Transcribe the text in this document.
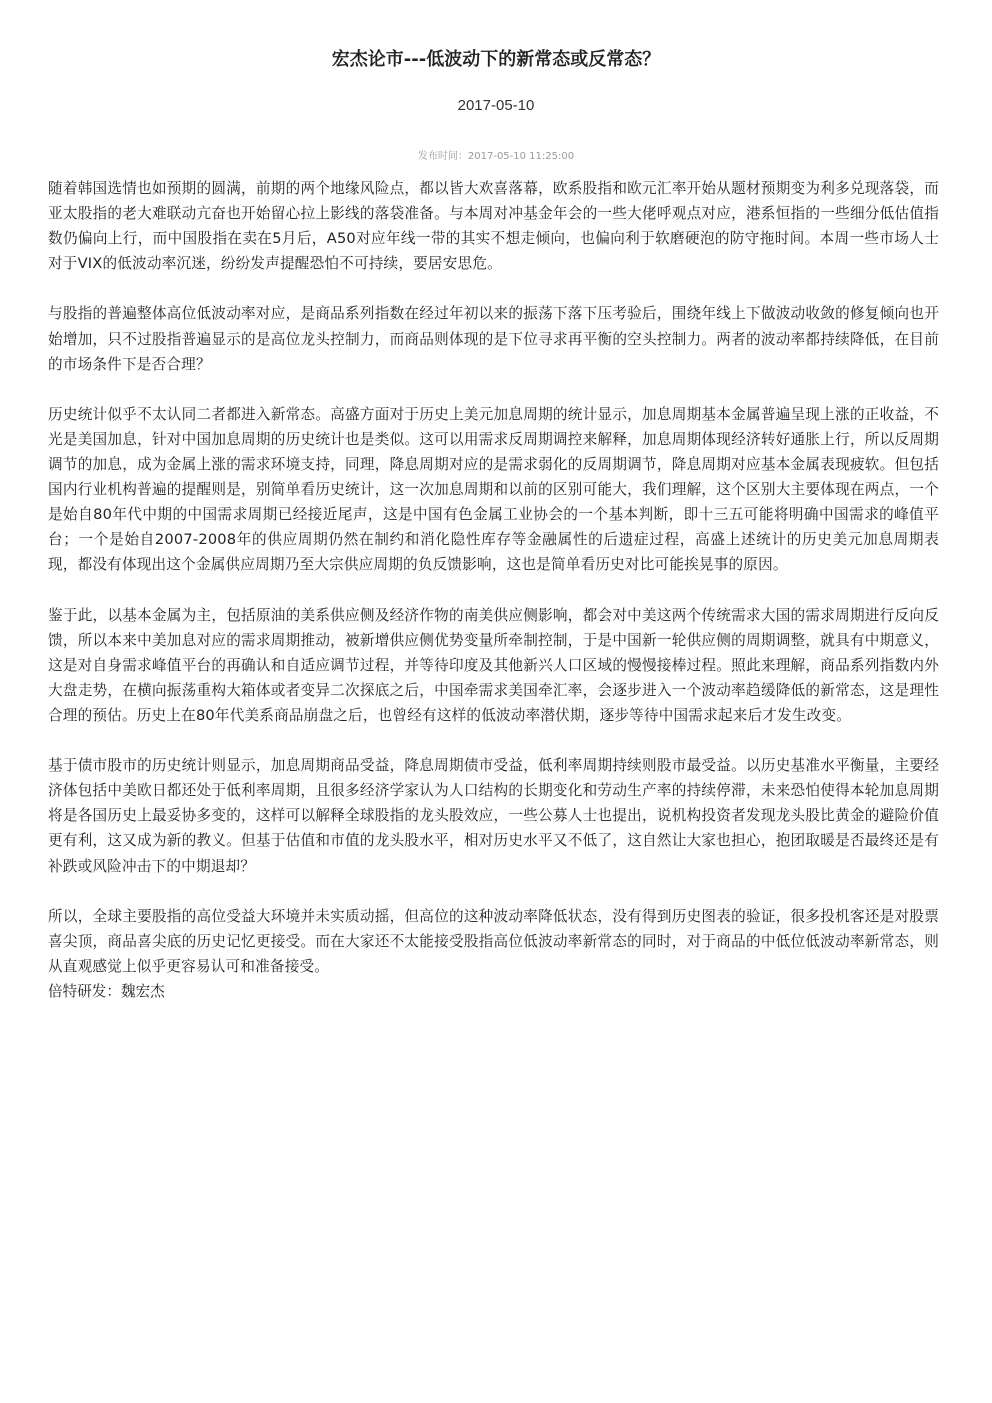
宏杰论市---低波动下的新常态或反常态？
2017-05-10
发布时间：2017-05-10 11:25:00

随着韩国选情也如预期的圆满，前期的两个地缘风险点，都以皆大欢喜落幕，欧系股指和欧元汇率开始从题材预期变为利多兑现落袋，而亚太股指的老大难联动亢奋也开始留心拉上影线的落袋准备。与本周对冲基金年会的一些大佬呼观点对应，港系恒指的一些细分低估值指数仍偏向上行，而中国股指在卖在5月后，A50对应年线一带的其实不想走倾向，也偏向利于软磨硬泡的防守拖时间。本周一些市场人士对于VIX的低波动率沉迷，纷纷发声提醒恐怕不可持续，要居安思危。

与股指的普遍整体高位低波动率对应，是商品系列指数在经过年初以来的振荡下落下压考验后，围绕年线上下做波动收敛的修复倾向也开始增加，只不过股指普遍显示的是高位龙头控制力，而商品则体现的是下位寻求再平衡的空头控制力。两者的波动率都持续降低，在目前的市场条件下是否合理？

历史统计似乎不太认同二者都进入新常态。高盛方面对于历史上美元加息周期的统计显示，加息周期基本金属普遍呈现上涨的正收益，不光是美国加息，针对中国加息周期的历史统计也是类似。这可以用需求反周期调控来解释，加息周期体现经济转好通胀上行，所以反周期调节的加息，成为金属上涨的需求环境支持，同理，降息周期对应的是需求弱化的反周期调节，降息周期对应基本金属表现疲软。但包括国内行业机构普遍的提醒则是，别简单看历史统计，这一次加息周期和以前的区别可能大，我们理解，这个区别大主要体现在两点，一个是始自80年代中期的中国需求周期已经接近尾声，这是中国有色金属工业协会的一个基本判断，即十三五可能将明确中国需求的峰值平台；一个是始自2007-2008年的供应周期仍然在制约和消化隐性库存等金融属性的后遗症过程，高盛上述统计的历史美元加息周期表现，都没有体现出这个金属供应周期乃至大宗供应周期的负反馈影响，这也是简单看历史对比可能挨晃事的原因。

鉴于此，以基本金属为主，包括原油的美系供应侧及经济作物的南美供应侧影响，都会对中美这两个传统需求大国的需求周期进行反向反馈，所以本来中美加息对应的需求周期推动，被新增供应侧优势变量所牵制控制，于是中国新一轮供应侧的周期调整，就具有中期意义，这是对自身需求峰值平台的再确认和自适应调节过程，并等待印度及其他新兴人口区域的慢慢接棒过程。照此来理解，商品系列指数内外大盘走势，在横向振荡重构大箱体或者变异二次探底之后，中国牵需求美国牵汇率，会逐步进入一个波动率趋缓降低的新常态，这是理性合理的预估。历史上在80年代美系商品崩盘之后，也曾经有这样的低波动率潜伏期，逐步等待中国需求起来后才发生改变。

基于债市股市的历史统计则显示，加息周期商品受益，降息周期债市受益，低利率周期持续则股市最受益。以历史基准水平衡量，主要经济体包括中美欧日都还处于低利率周期，且很多经济学家认为人口结构的长期变化和劳动生产率的持续停滞，未来恐怕使得本轮加息周期将是各国历史上最妥协多变的，这样可以解释全球股指的龙头股效应，一些公募人士也提出，说机构投资者发现龙头股比黄金的避险价值更有利，这又成为新的教义。但基于估值和市值的龙头股水平，相对历史水平又不低了，这自然让大家也担心，抱团取暖是否最终还是有补跌或风险冲击下的中期退却？

所以，全球主要股指的高位受益大环境并未实质动摇，但高位的这种波动率降低状态，没有得到历史图表的验证，很多投机客还是对股票喜尖顶，商品喜尖底的历史记忆更接受。而在大家还不太能接受股指高位低波动率新常态的同时，对于商品的中低位低波动率新常态，则从直观感觉上似乎更容易认可和准备接受。

倍特研发：魏宏杰
